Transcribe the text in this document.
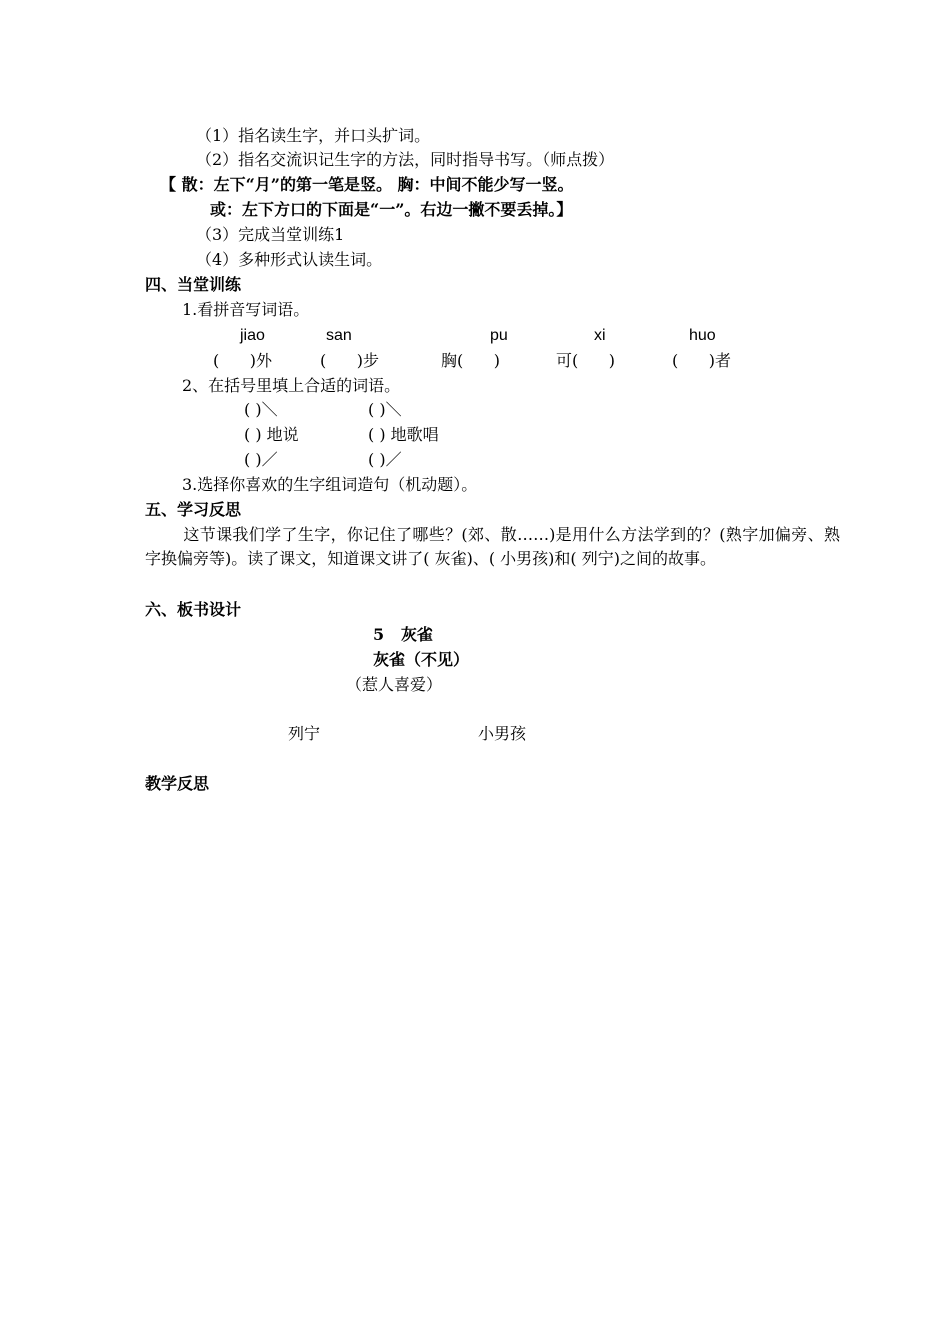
（1）指名读生字，并口头扩词。
（2）指名交流识记生字的方法，同时指导书写。（师点拨）
【 散：左下“月”的第一笔是竖。 胸：中间不能少写一竖。
或：左下方口的下面是“一”。右边一撇不要丢掉。】
（3）完成当堂训练1
（4）多种形式认读生词。
四、当堂训练
1.看拼音写词语。
jiao	san	pu	xi	huo
(      )外	(      )步	胸(      )	可(      )	(      )者
2、在括号里填上合适的词语。
( )＼	( )＼
( ) 地说	( ) 地歌唱
( )／	( )／
3.选择你喜欢的生字组词造句（机动题）。
五、学习反思
这节课我们学了生字，你记住了哪些？(郊、散……)是用什么方法学到的？(熟字加偏旁、熟字换偏旁等)。读了课文，知道课文讲了( 灰雀)、( 小男孩)和( 列宁)之间的故事。
六、板书设计
5   灰雀
灰雀（不见）
（惹人喜爱）
列宁	小男孩
教学反思
